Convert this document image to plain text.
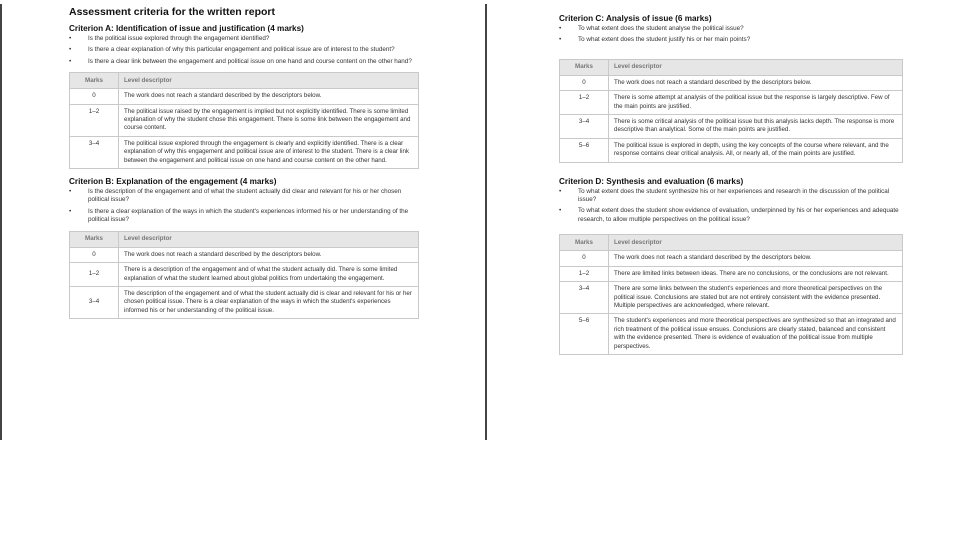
Assessment criteria for the written report
Criterion A: Identification of issue and justification (4 marks)
• Is the political issue explored through the engagement identified?
• Is there a clear explanation of why this particular engagement and political issue are of interest to the student?
• Is there a clear link between the engagement and political issue on one hand and course content on the other hand?
Marks	Level descriptor
0	The work does not reach a standard described by the descriptors below.
1–2	The political issue raised by the engagement is implied but not explicitly identified. There is some limited explanation of why the student chose this engagement. There is some link between the engagement and course content.
3–4	The political issue explored through the engagement is clearly and explicitly identified. There is a clear explanation of why this engagement and political issue are of interest to the student. There is a clear link between the engagement and political issue on one hand and course content on the other hand.
Criterion B: Explanation of the engagement (4 marks)
• Is the description of the engagement and of what the student actually did clear and relevant for his or her chosen political issue?
• Is there a clear explanation of the ways in which the student's experiences informed his or her understanding of the political issue?
Marks	Level descriptor
0	The work does not reach a standard described by the descriptors below.
1–2	There is a description of the engagement and of what the student actually did. There is some limited explanation of what the student learned about global politics from undertaking the engagement.
3–4	The description of the engagement and of what the student actually did is clear and relevant for his or her chosen political issue. There is a clear explanation of the ways in which the student's experiences informed his or her understanding of the political issue.
Criterion C: Analysis of issue (6 marks)
• To what extent does the student analyse the political issue?
• To what extent does the student justify his or her main points?
Marks	Level descriptor
0	The work does not reach a standard described by the descriptors below.
1–2	There is some attempt at analysis of the political issue but the response is largely descriptive. Few of the main points are justified.
3–4	There is some critical analysis of the political issue but this analysis lacks depth. The response is more descriptive than analytical. Some of the main points are justified.
5–6	The political issue is explored in depth, using the key concepts of the course where relevant, and the response contains clear critical analysis. All, or nearly all, of the main points are justified.
Criterion D: Synthesis and evaluation (6 marks)
• To what extent does the student synthesize his or her experiences and research in the discussion of the political issue?
• To what extent does the student show evidence of evaluation, underpinned by his or her experiences and adequate research, to allow multiple perspectives on the political issue?
Marks	Level descriptor
0	The work does not reach a standard described by the descriptors below.
1–2	There are limited links between ideas. There are no conclusions, or the conclusions are not relevant.
3–4	There are some links between the student's experiences and more theoretical perspectives on the political issue. Conclusions are stated but are not entirely consistent with the evidence presented. Multiple perspectives are acknowledged, where relevant.
5–6	The student's experiences and more theoretical perspectives are synthesized so that an integrated and rich treatment of the political issue ensues. Conclusions are clearly stated, balanced and consistent with the evidence presented. There is evidence of evaluation of the political issue from multiple perspectives.
